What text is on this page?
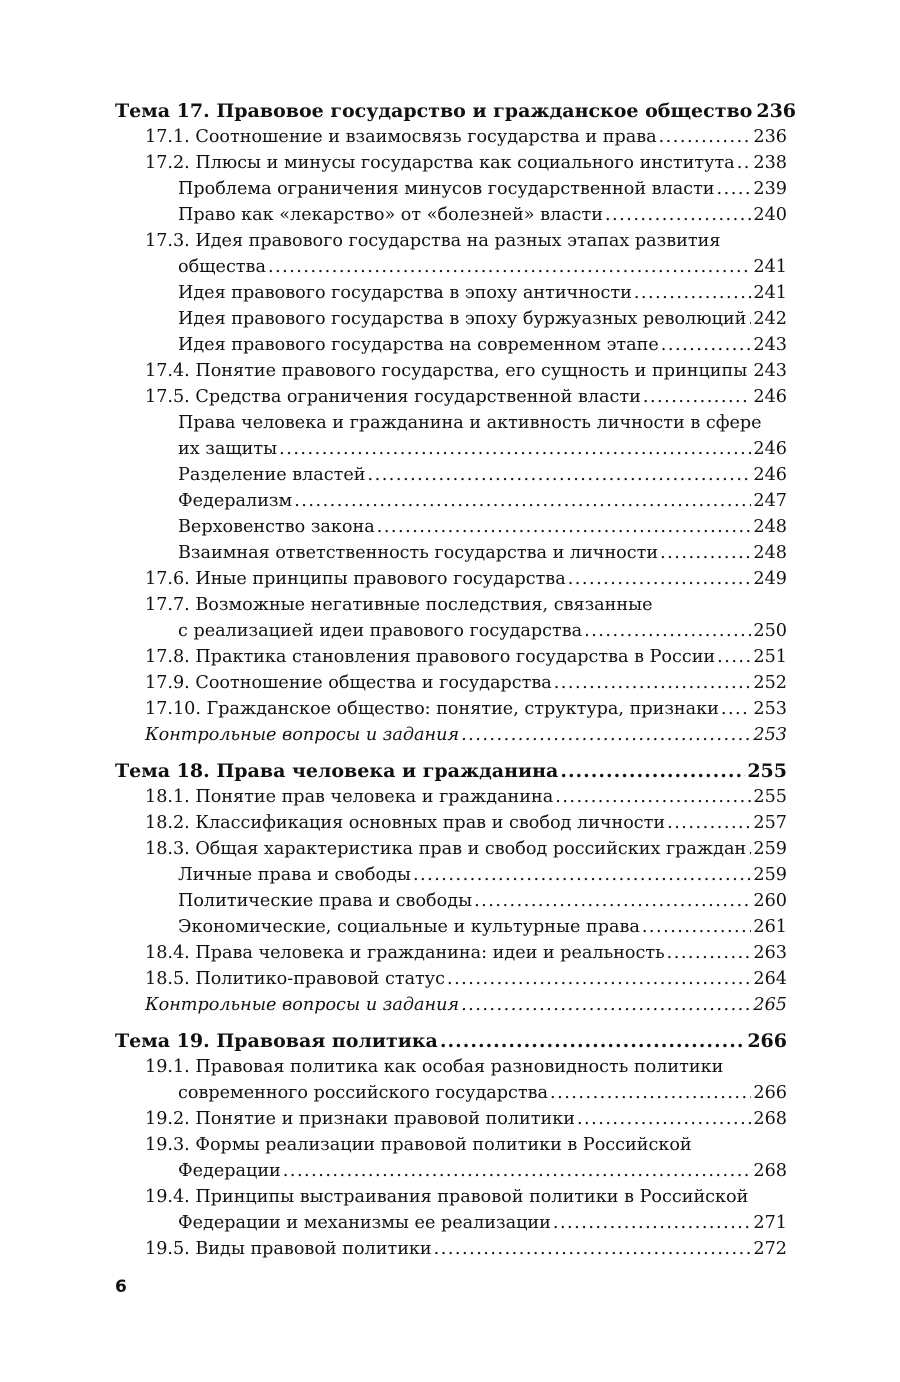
Тема 17. Правовое государство и гражданское общество 236
17.1. Соотношение и взаимосвязь государства и права .....	236
17.2. Плюсы и минусы государства как социального института ..... 238
Проблема ограничения минусов государственной власти ..... 239
Право как «лекарство» от «болезней» власти .....	240
17.3. Идея правового государства на разных этапах развития
общества .....	241
Идея правового государства в эпоху античности .....	241
Идея правового государства в эпоху буржуазных революций ..... 242
Идея правового государства на современном этапе .....	243
17.4. Понятие правового государства, его сущность и принципы ..... 243
17.5. Средства ограничения государственной власти .....	246
Права человека и гражданина и активность личности в сфере
их защиты .....	246
Разделение властей .....	246
Федерализм .....	247
Верховенство закона .....	248
Взаимная ответственность государства и личности .....	248
17.6. Иные принципы правового государства .....	249
17.7. Возможные негативные последствия, связанные
с реализацией идеи правового государства .....	250
17.8. Практика становления правового государства в России ..... 251
17.9. Соотношение общества и государства .....	252
17.10. Гражданское общество: понятие, структура, признаки ..... 253
Контрольные вопросы и задания .....	253
Тема 18. Права человека и гражданина .....	255
18.1. Понятие прав человека и гражданина .....	255
18.2. Классификация основных прав и свобод личности .....	257
18.3. Общая характеристика прав и свобод российских граждан ..... 259
Личные права и свободы .....	259
Политические права и свободы .....	260
Экономические, социальные и культурные права .....	261
18.4. Права человека и гражданина: идеи и реальность .....	263
18.5. Политико-правовой статус .....	264
Контрольные вопросы и задания .....	265
Тема 19. Правовая политика .....	266
19.1. Правовая политика как особая разновидность политики
современного российского государства .....	266
19.2. Понятие и признаки правовой политики .....	268
19.3. Формы реализации правовой политики в Российской
Федерации .....	268
19.4. Принципы выстраивания правовой политики в Российской
Федерации и механизмы ее реализации .....	271
19.5. Виды правовой политики .....	272
6
